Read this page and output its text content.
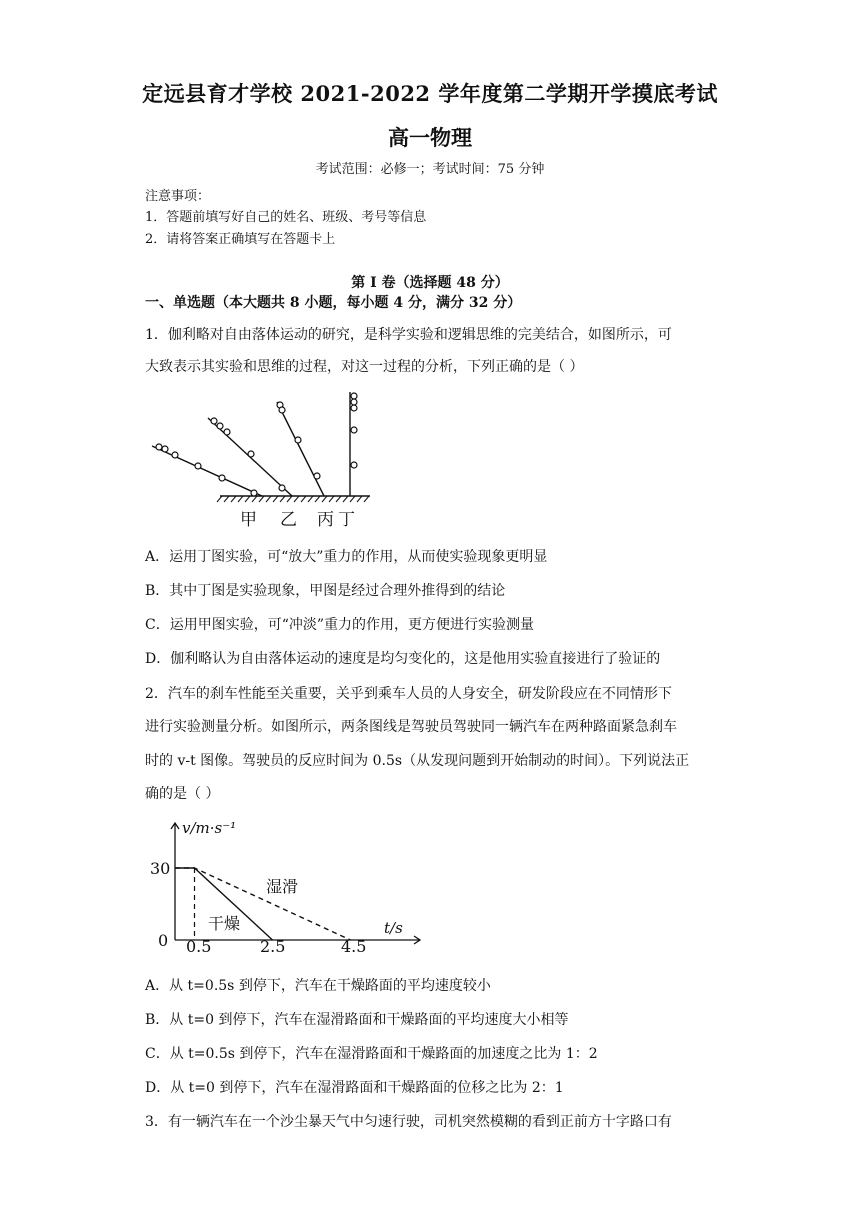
定远县育才学校 2021-2022 学年度第二学期开学摸底考试
高一物理
考试范围：必修一；考试时间：75 分钟
注意事项：
1．答题前填写好自己的姓名、班级、考号等信息
2．请将答案正确填写在答题卡上
第 I 卷（选择题 48 分）
一、单选题（本大题共 8 小题，每小题 4 分，满分 32 分）
1．伽利略对自由落体运动的研究，是科学实验和逻辑思维的完美结合，如图所示，可
大致表示其实验和思维的过程，对这一过程的分析，下列正确的是（ ）
甲 乙 丙 丁
A．运用丁图实验，可“放大”重力的作用，从而使实验现象更明显
B．其中丁图是实验现象，甲图是经过合理外推得到的结论
C．运用甲图实验，可“冲淡”重力的作用，更方便进行实验测量
D．伽利略认为自由落体运动的速度是均匀变化的，这是他用实验直接进行了验证的
2．汽车的刹车性能至关重要，关乎到乘车人员的人身安全，研发阶段应在不同情形下
进行实验测量分析。如图所示，两条图线是驾驶员驾驶同一辆汽车在两种路面紧急刹车
时的 v-t 图像。驾驶员的反应时间为 0.5s（从发现问题到开始制动的时间）。下列说法正
确的是（ ）
v/m·s⁻¹
t/s
0
30
0.5	2.5	4.5
湿滑
干燥
A．从 t=0.5s 到停下，汽车在干燥路面的平均速度较小
B．从 t=0 到停下，汽车在湿滑路面和干燥路面的平均速度大小相等
C．从 t=0.5s 到停下，汽车在湿滑路面和干燥路面的加速度之比为 1：2
D．从 t=0 到停下，汽车在湿滑路面和干燥路面的位移之比为 2：1
3．有一辆汽车在一个沙尘暴天气中匀速行驶，司机突然模糊的看到正前方十字路口有
